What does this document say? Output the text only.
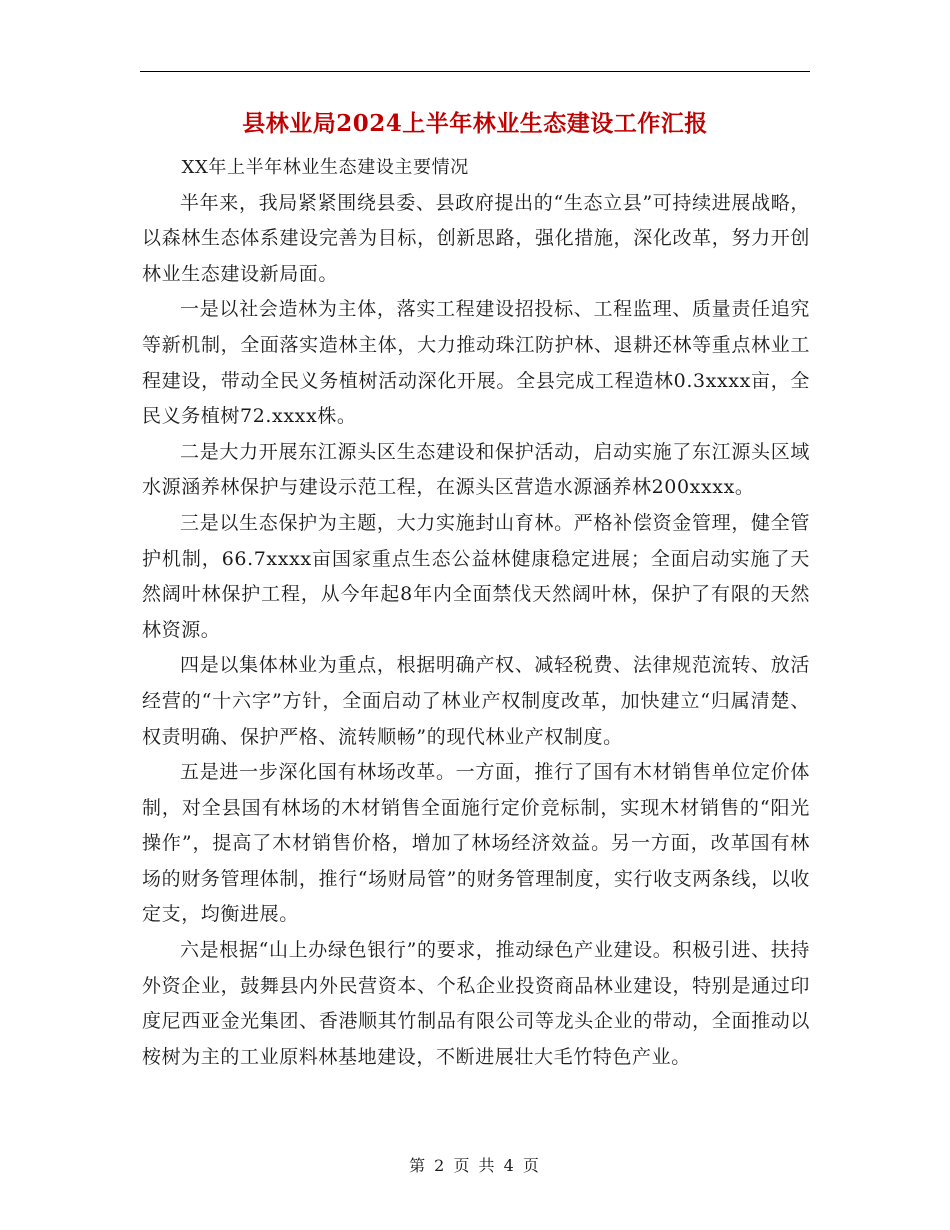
县林业局2024上半年林业生态建设工作汇报

XX年上半年林业生态建设主要情况

半年来，我局紧紧围绕县委、县政府提出的“生态立县”可持续进展战略，以森林生态体系建设完善为目标，创新思路，强化措施，深化改革，努力开创林业生态建设新局面。

一是以社会造林为主体，落实工程建设招投标、工程监理、质量责任追究等新机制，全面落实造林主体，大力推动珠江防护林、退耕还林等重点林业工程建设，带动全民义务植树活动深化开展。全县完成工程造林0.3xxxx亩，全民义务植树72.xxxx株。

二是大力开展东江源头区生态建设和保护活动，启动实施了东江源头区域水源涵养林保护与建设示范工程，在源头区营造水源涵养林200xxxx。

三是以生态保护为主题，大力实施封山育林。严格补偿资金管理，健全管护机制，66.7xxxx亩国家重点生态公益林健康稳定进展；全面启动实施了天然阔叶林保护工程，从今年起8年内全面禁伐天然阔叶林，保护了有限的天然林资源。

四是以集体林业为重点，根据明确产权、减轻税费、法律规范流转、放活经营的“十六字”方针，全面启动了林业产权制度改革，加快建立“归属清楚、权责明确、保护严格、流转顺畅”的现代林业产权制度。

五是进一步深化国有林场改革。一方面，推行了国有木材销售单位定价体制，对全县国有林场的木材销售全面施行定价竞标制，实现木材销售的“阳光操作”，提高了木材销售价格，增加了林场经济效益。另一方面，改革国有林场的财务管理体制，推行“场财局管”的财务管理制度，实行收支两条线，以收定支，均衡进展。

六是根据“山上办绿色银行”的要求，推动绿色产业建设。积极引进、扶持外资企业，鼓舞县内外民营资本、个私企业投资商品林业建设，特别是通过印度尼西亚金光集团、香港顺其竹制品有限公司等龙头企业的带动，全面推动以桉树为主的工业原料林基地建设，不断进展壮大毛竹特色产业。

第 2 页 共 4 页
